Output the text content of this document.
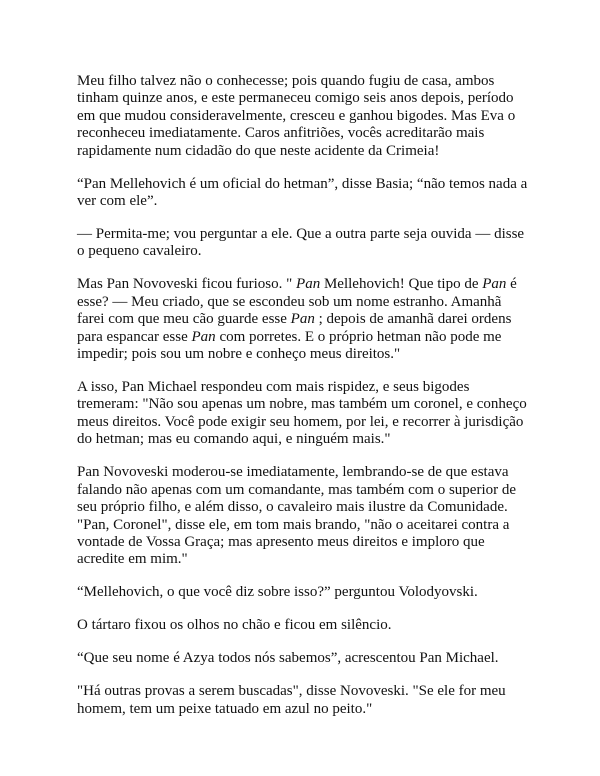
Meu filho talvez não o conhecesse; pois quando fugiu de casa, ambos tinham quinze anos, e este permaneceu comigo seis anos depois, período em que mudou consideravelmente, cresceu e ganhou bigodes. Mas Eva o reconheceu imediatamente. Caros anfitriões, vocês acreditarão mais rapidamente num cidadão do que neste acidente da Crimeia!

“Pan Mellehovich é um oficial do hetman”, disse Basia; “não temos nada a ver com ele”.

— Permita-me; vou perguntar a ele. Que a outra parte seja ouvida — disse o pequeno cavaleiro.

Mas Pan Novoveski ficou furioso. " Pan Mellehovich! Que tipo de Pan é esse? — Meu criado, que se escondeu sob um nome estranho. Amanhã farei com que meu cão guarde esse Pan ; depois de amanhã darei ordens para espancar esse Pan com porretes. E o próprio hetman não pode me impedir; pois sou um nobre e conheço meus direitos."

A isso, Pan Michael respondeu com mais rispidez, e seus bigodes tremeram: "Não sou apenas um nobre, mas também um coronel, e conheço meus direitos. Você pode exigir seu homem, por lei, e recorrer à jurisdição do hetman; mas eu comando aqui, e ninguém mais."

Pan Novoveski moderou-se imediatamente, lembrando-se de que estava falando não apenas com um comandante, mas também com o superior de seu próprio filho, e além disso, o cavaleiro mais ilustre da Comunidade. "Pan, Coronel", disse ele, em tom mais brando, "não o aceitarei contra a vontade de Vossa Graça; mas apresento meus direitos e imploro que acredite em mim."

“Mellehovich, o que você diz sobre isso?” perguntou Volodyovski.

O tártaro fixou os olhos no chão e ficou em silêncio.

“Que seu nome é Azya todos nós sabemos”, acrescentou Pan Michael.

"Há outras provas a serem buscadas", disse Novoveski. "Se ele for meu homem, tem um peixe tatuado em azul no peito."
